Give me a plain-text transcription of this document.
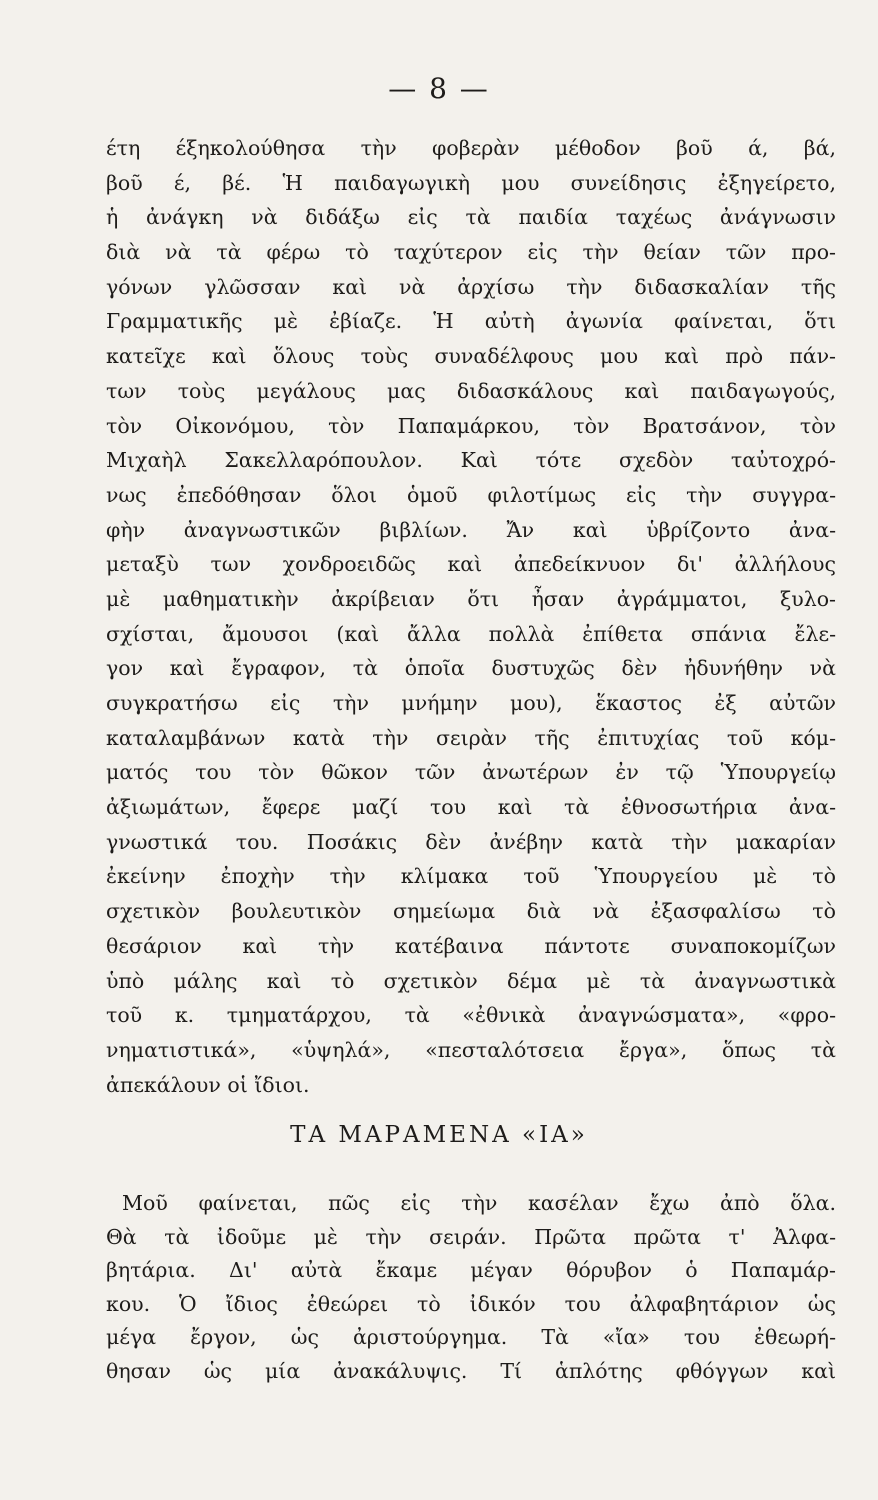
— 8 —
έτη έξηκολούθησα τὴν φοβερὰν μέθοδον βοῦ ά, βά,
βοῦ έ, βέ. Ἡ παιδαγωγικὴ μου συνείδησις ἐξηγείρετο,
ἡ ἀνάγκη νὰ διδάξω εἰς τὰ παιδία ταχέως ἀνάγνωσιν
διὰ νὰ τὰ φέρω τὸ ταχύτερον εἰς τὴν θείαν τῶν προ-
γόνων γλῶσσαν καὶ νὰ ἀρχίσω τὴν διδασκαλίαν τῆς
Γραμματικῆς μὲ ἐβίαζε. Ἡ αὐτὴ ἀγωνία φαίνεται, ὅτι
κατεῖχε καὶ ὅλους τοὺς συναδέλφους μου καὶ πρὸ πάν-
των τοὺς μεγάλους μας διδασκάλους καὶ παιδαγωγούς,
τὸν Οἰκονόμου, τὸν Παπαμάρκου, τὸν Βρατσάνον, τὸν
Μιχαὴλ Σακελλαρόπουλον. Καὶ τότε σχεδὸν ταὐτοχρό-
νως ἐπεδόθησαν ὅλοι ὁμοῦ φιλοτίμως εἰς τὴν συγγρα-
φὴν ἀναγνωστικῶν βιβλίων. Ἄν καὶ ὑβρίζοντο ἀνα-
μεταξὺ των χονδροειδῶς καὶ ἀπεδείκνυον δι' ἀλλήλους
μὲ μαθηματικὴν ἀκρίβειαν ὅτι ἦσαν ἀγράμματοι, ξυλο-
σχίσται, ἄμουσοι (καὶ ἄλλα πολλὰ ἐπίθετα σπάνια ἔλε-
γον καὶ ἔγραφον, τὰ ὁποῖα δυστυχῶς δὲν ἠδυνήθην νὰ
συγκρατήσω εἰς τὴν μνήμην μου), ἕκαστος ἐξ αὐτῶν
καταλαμβάνων κατὰ τὴν σειρὰν τῆς ἐπιτυχίας τοῦ κόμ-
ματός του τὸν θῶκον τῶν ἀνωτέρων ἐν τῷ Ὑπουργείῳ
ἀξιωμάτων, ἔφερε μαζί του καὶ τὰ ἐθνοσωτήρια ἀνα-
γνωστικά του. Ποσάκις δὲν ἀνέβην κατὰ τὴν μακαρίαν
ἐκείνην ἐποχὴν τὴν κλίμακα τοῦ Ὑπουργείου μὲ τὸ
σχετικὸν βουλευτικὸν σημείωμα διὰ νὰ ἐξασφαλίσω τὸ
θεσάριον καὶ τὴν κατέβαινα πάντοτε συναποκομίζων
ὑπὸ μάλης καὶ τὸ σχετικὸν δέμα μὲ τὰ ἀναγνωστικὰ
τοῦ κ. τμηματάρχου, τὰ «ἐθνικὰ ἀναγνώσματα», «φρο-
νηματιστικά», «ὑψηλά», «πεσταλότσεια ἔργα», ὅπως τὰ
ἀπεκάλουν οἱ ἴδιοι.
ΤΑ ΜΑΡΑΜΕΝΑ «ΙΑ»
Μοῦ φαίνεται, πῶς εἰς τὴν κασέλαν ἔχω ἀπὸ ὅλα.
Θὰ τὰ ἰδοῦμε μὲ τὴν σειράν. Πρῶτα πρῶτα τ' Ἀλφα-
βητάρια. Δι' αὐτὰ ἔκαμε μέγαν θόρυβον ὁ Παπαμάρ-
κου. Ὁ ἴδιος ἐθεώρει τὸ ἰδικόν του ἀλφαβητάριον ὡς
μέγα ἔργον, ὡς ἀριστούργημα. Τὰ «ἴα» του ἐθεωρή-
θησαν ὡς μία ἀνακάλυψις. Τί ἁπλότης φθόγγων καὶ
